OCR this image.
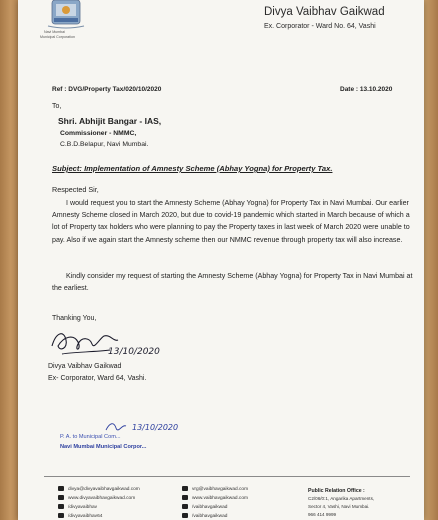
Navi Mumbai
Municipal Corporation
Divya Vaibhav Gaikwad
Ex. Corporator - Ward No. 64, Vashi
Ref : DVG/Property Tax/020/10/2020	Date : 13.10.2020
To,
Shri. Abhijit Bangar - IAS,
Commissioner - NMMC,
C.B.D.Belapur, Navi Mumbai.
Subject: Implementation of Amnesty Scheme (Abhay Yogna) for Property Tax.
Respected Sir,
I would request you to start the Amnesty Scheme (Abhay Yogna) for Property Tax in Navi Mumbai. Our earlier Amnesty Scheme closed in March 2020, but due to covid-19 pandemic which started in March because of which a lot of Property tax holders who were planning to pay the Property taxes in last week of March 2020 were unable to pay. Also if we again start the Amnesty scheme then our NMMC revenue through property tax will also increase.
Kindly consider my request of starting the Amnesty Scheme (Abhay Yogna) for Property Tax in Navi Mumbai at the earliest.
Thanking You,
13/10/2020
Divya Vaibhav Gaikwad
Ex- Corporator, Ward 64, Vashi.
13/10/2020
P. A. to Municipal Com...
Navi Mumbai Municipal Corpor...
divya@divyavaibhavgaikwad.com
www.divyavaibhavgaikwad.com
/divyavaibhav
/divyavaibhav64
vrg@vaibhavgaikwad.com
www.vaibhavgaikwad.com
/vaibhavgaikwad
/vaibhavgaikwad
Public Relation Office :
C2/06/0:1, Angarika Apartments,
Sector 4, Vashi, Navi Mumbai.
966 414 9999
